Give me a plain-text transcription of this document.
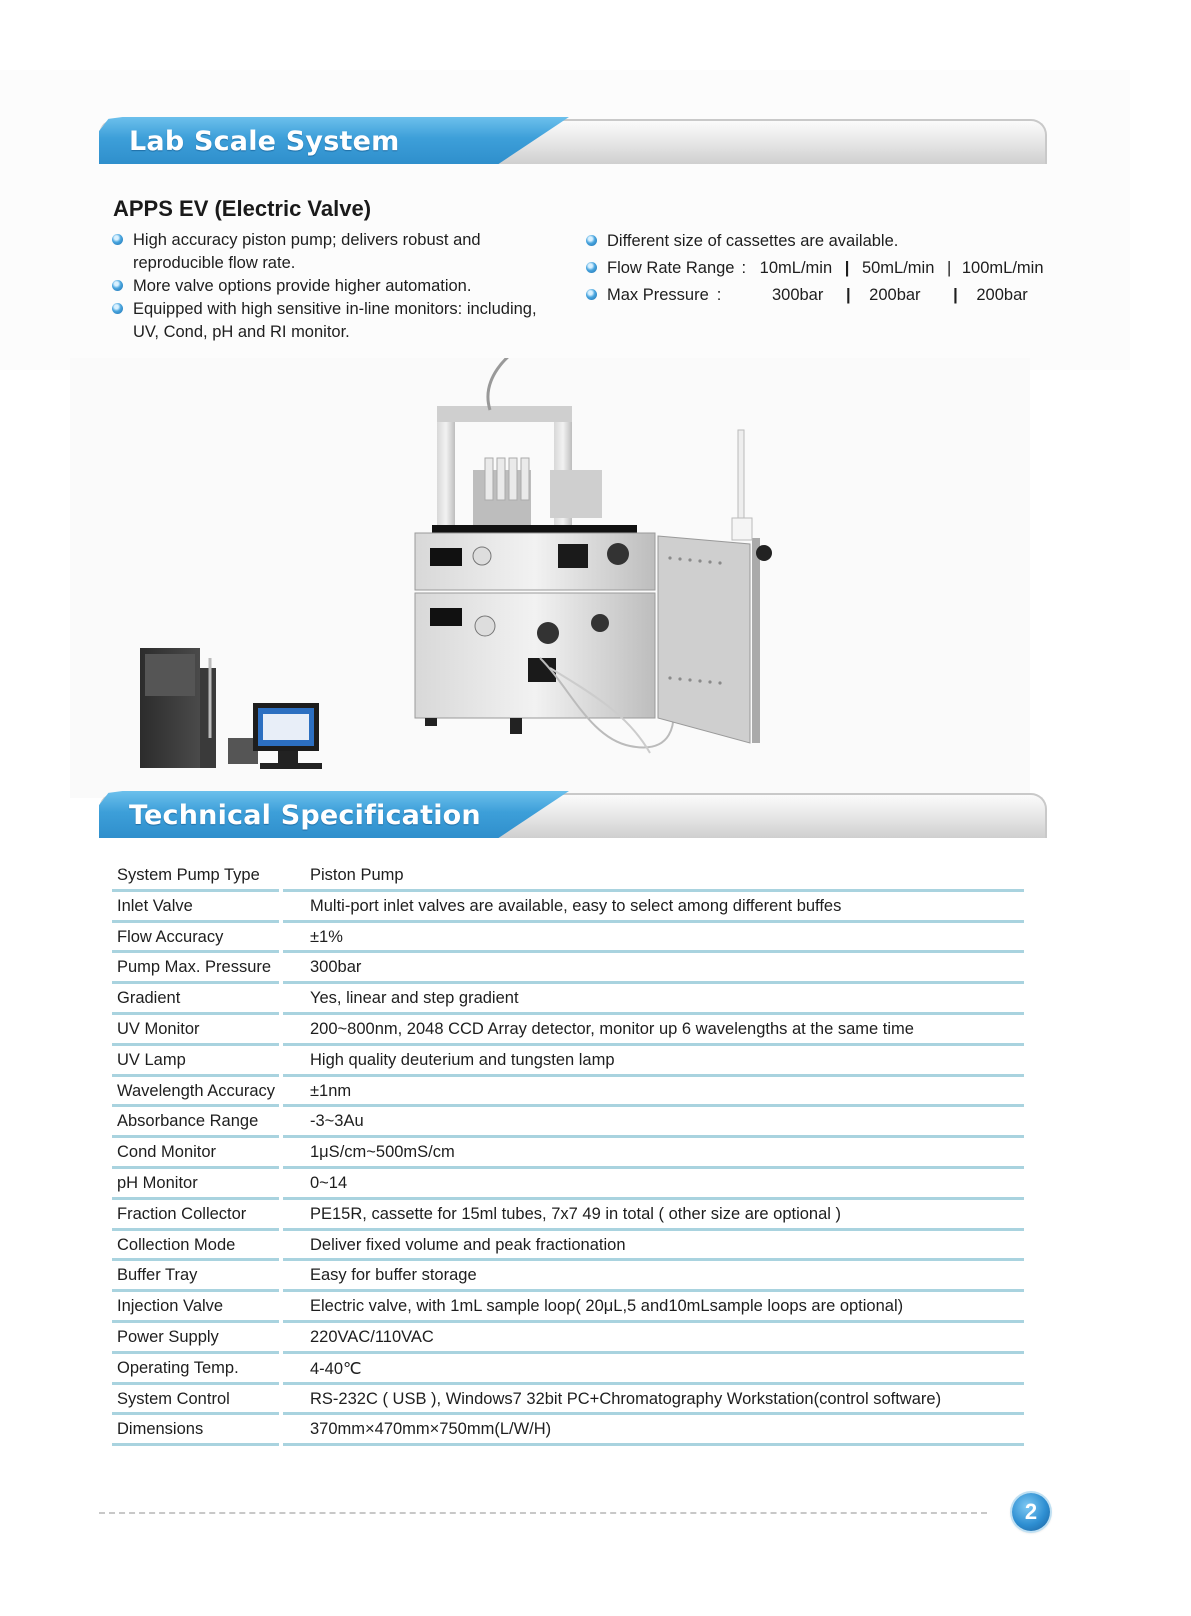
Lab Scale System
APPS EV (Electric Valve)
High accuracy piston pump; delivers robust and reproducible flow rate.
More valve options provide higher automation.
Equipped with high sensitive in-line monitors: including, UV, Cond, pH and RI monitor.
Different size of cassettes are available.
Flow Rate Range : 10mL/min | 50mL/min | 100mL/min
Max Pressure :	300bar | 200bar | 200bar
Technical Specification
System Pump Type	Piston Pump
Inlet Valve	Multi-port inlet valves are available, easy to select among different buffes
Flow Accuracy	±1%
Pump Max. Pressure 300bar
Gradient	Yes, linear and step gradient
UV Monitor	200~800nm, 2048 CCD Array detector, monitor up 6 wavelengths at the same time
UV Lamp	High quality deuterium and tungsten lamp
Wavelength Accuracy ±1nm
Absorbance Range	-3~3Au
Cond Monitor	1μS/cm~500mS/cm
pH Monitor	0~14
Fraction Collector	PE15R, cassette for 15ml tubes, 7x7 49 in total ( other size are optional )
Collection Mode	Deliver fixed volume and peak fractionation
Buffer Tray	Easy for buffer storage
Injection Valve	Electric valve, with 1mL sample loop( 20μL,5 and10mLsample loops are optional)
Power Supply	220VAC/110VAC
Operating Temp.	4-40℃
System Control	RS-232C ( USB ), Windows7 32bit PC+Chromatography Workstation(control software)
Dimensions	370mm×470mm×750mm(L/W/H)
2
